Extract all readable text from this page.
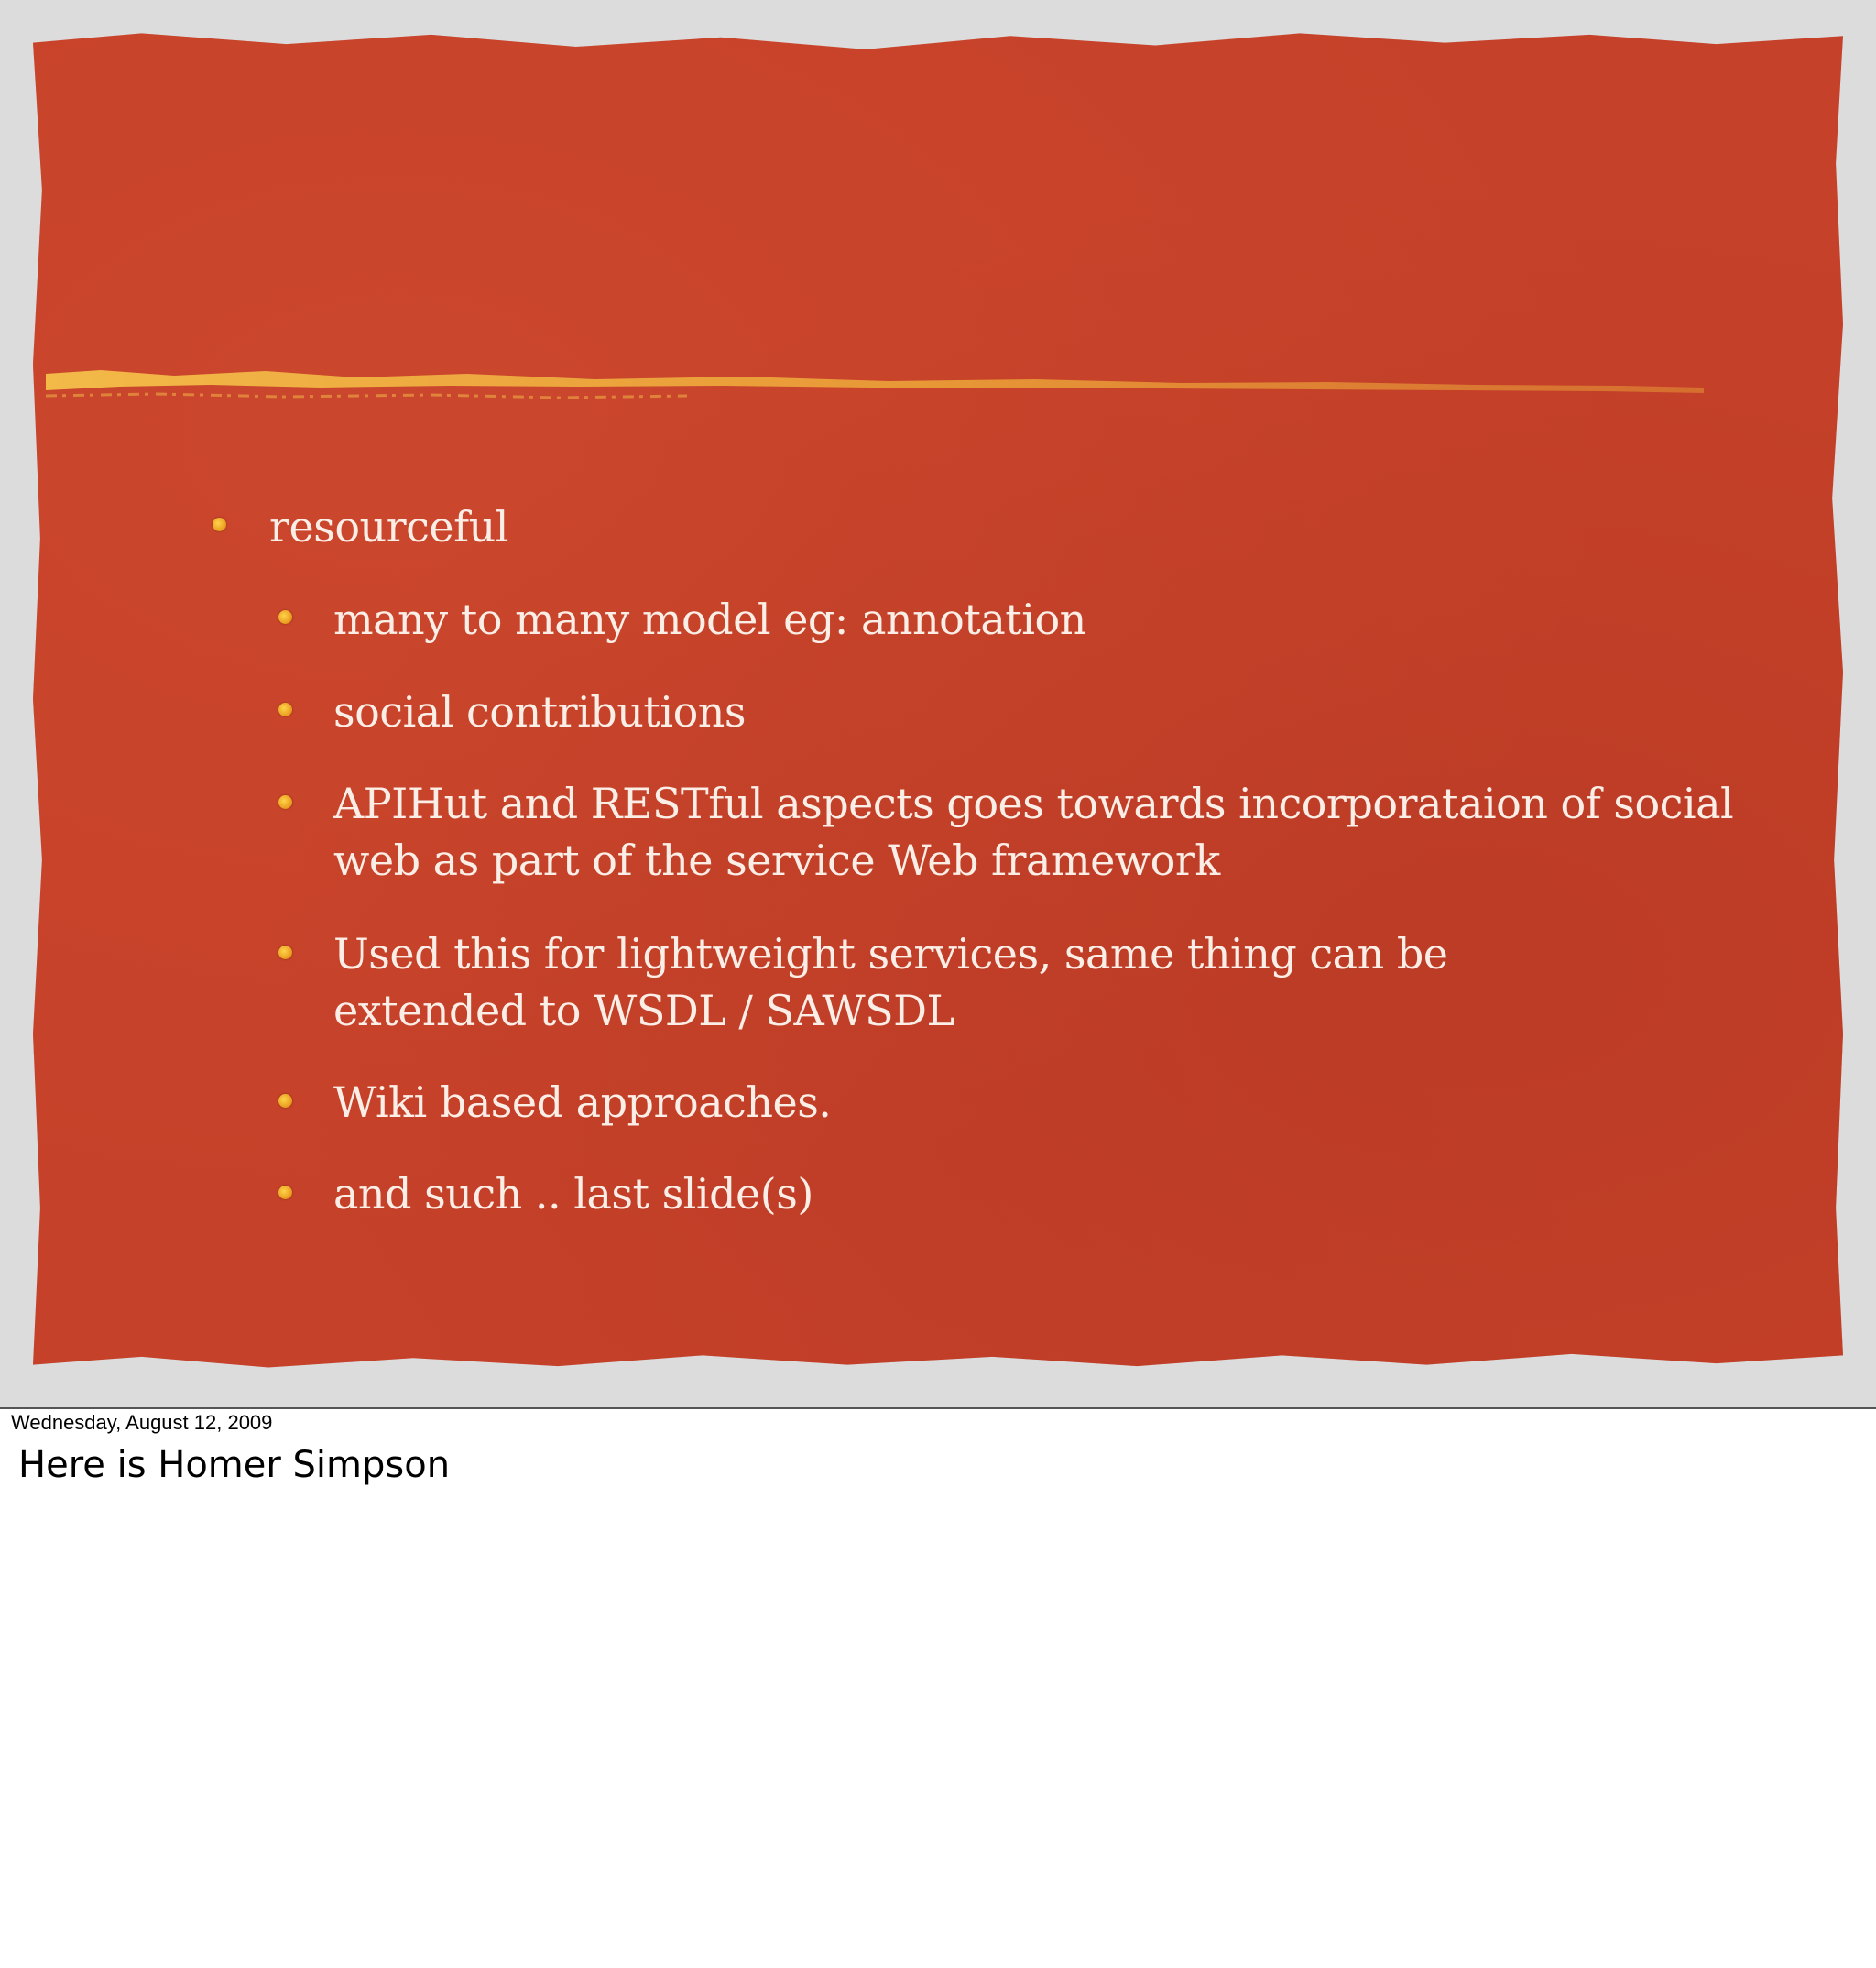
resourceful
many to many model eg: annotation
social contributions
APIHut and RESTful aspects goes towards incorporataion of social web as part of the service Web framework
Used this for lightweight services, same thing can be extended to WSDL / SAWSDL
Wiki based approaches.
and such .. last slide(s)
Wednesday, August 12, 2009
Here is Homer Simpson
